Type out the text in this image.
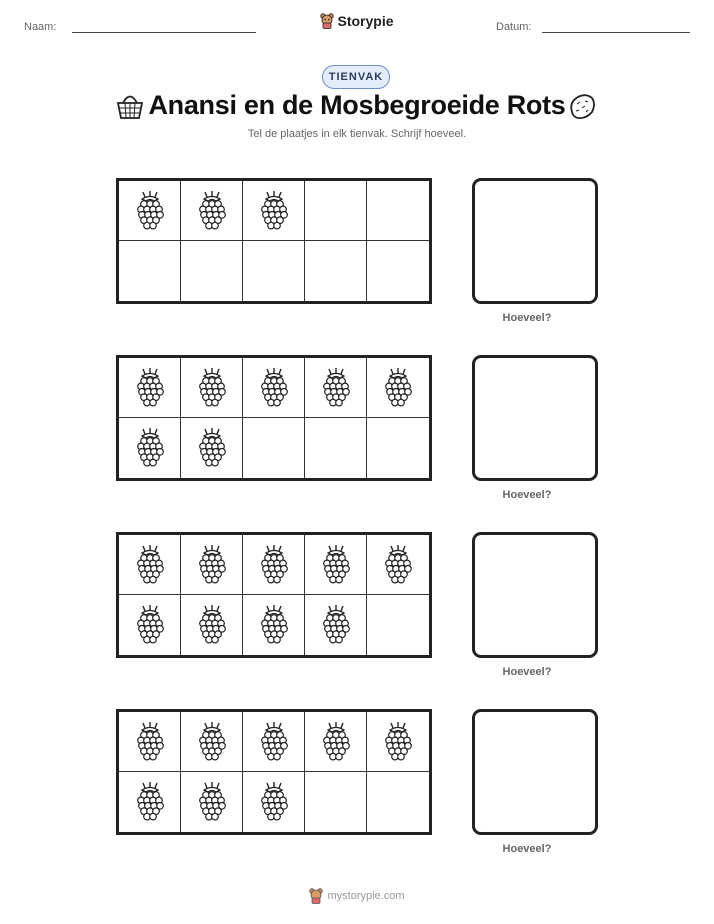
Naam:	Storypie	Datum:
TIENVAK
Anansi en de Mosbegroeide Rots
Tel de plaatjes in elk tienvak. Schrijf hoeveel.
Hoeveel?
Hoeveel?
Hoeveel?
Hoeveel?
mystorypie.com
